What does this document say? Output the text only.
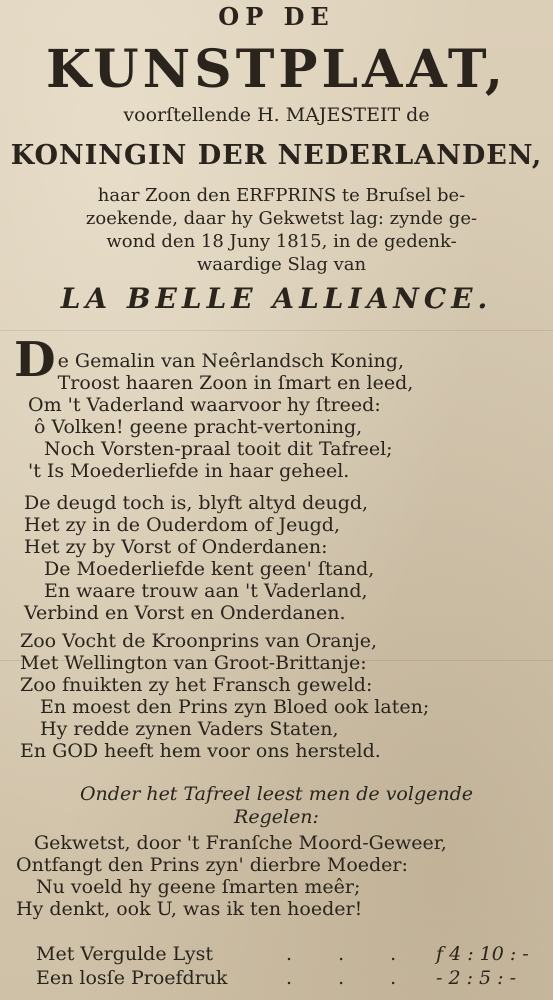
OP DE
KUNSTPLAAT,
voorſtellende H. MAJESTEIT de
KONINGIN DER NEDERLANDEN,
haar Zoon den ERFPRINS te Bruſsel be-
zoekende, daar hy Gekwetst lag: zynde ge-
wond den 18 Juny 1815, in de gedenk-
waardige Slag van
LA BELLE ALLIANCE.
D e Gemalin van Neêrlandsch Koning,
Troost haaren Zoon in ſmart en leed,
Om 't Vaderland waarvoor hy ſtreed:
ô Volken! geene pracht-vertoning,
Noch Vorsten-praal tooit dit Tafreel;
't Is Moederliefde in haar geheel.
De deugd toch is, blyft altyd deugd,
Het zy in de Ouderdom of Jeugd,
Het zy by Vorst of Onderdanen:
De Moederliefde kent geen' ſtand,
En waare trouw aan 't Vaderland,
Verbind en Vorst en Onderdanen.
Zoo Vocht de Kroonprins van Oranje,
Met Wellington van Groot-Brittanje:
Zoo fnuikten zy het Fransch geweld:
En moest den Prins zyn Bloed ook laten;
Hy redde zynen Vaders Staten,
En GOD heeft hem voor ons hersteld.
Onder het Tafreel leest men de volgende
Regelen:
Gekwetst, door 't Franſche Moord-Geweer,
Ontfangt den Prins zyn' dierbre Moeder:
Nu voeld hy geene ſmarten meêr;
Hy denkt, ook U, was ik ten hoeder!
Met Vergulde Lyst	. . .	f 4 : 10 : -
Een losſe Proefdruk	. . .	- 2 : 5 : -
